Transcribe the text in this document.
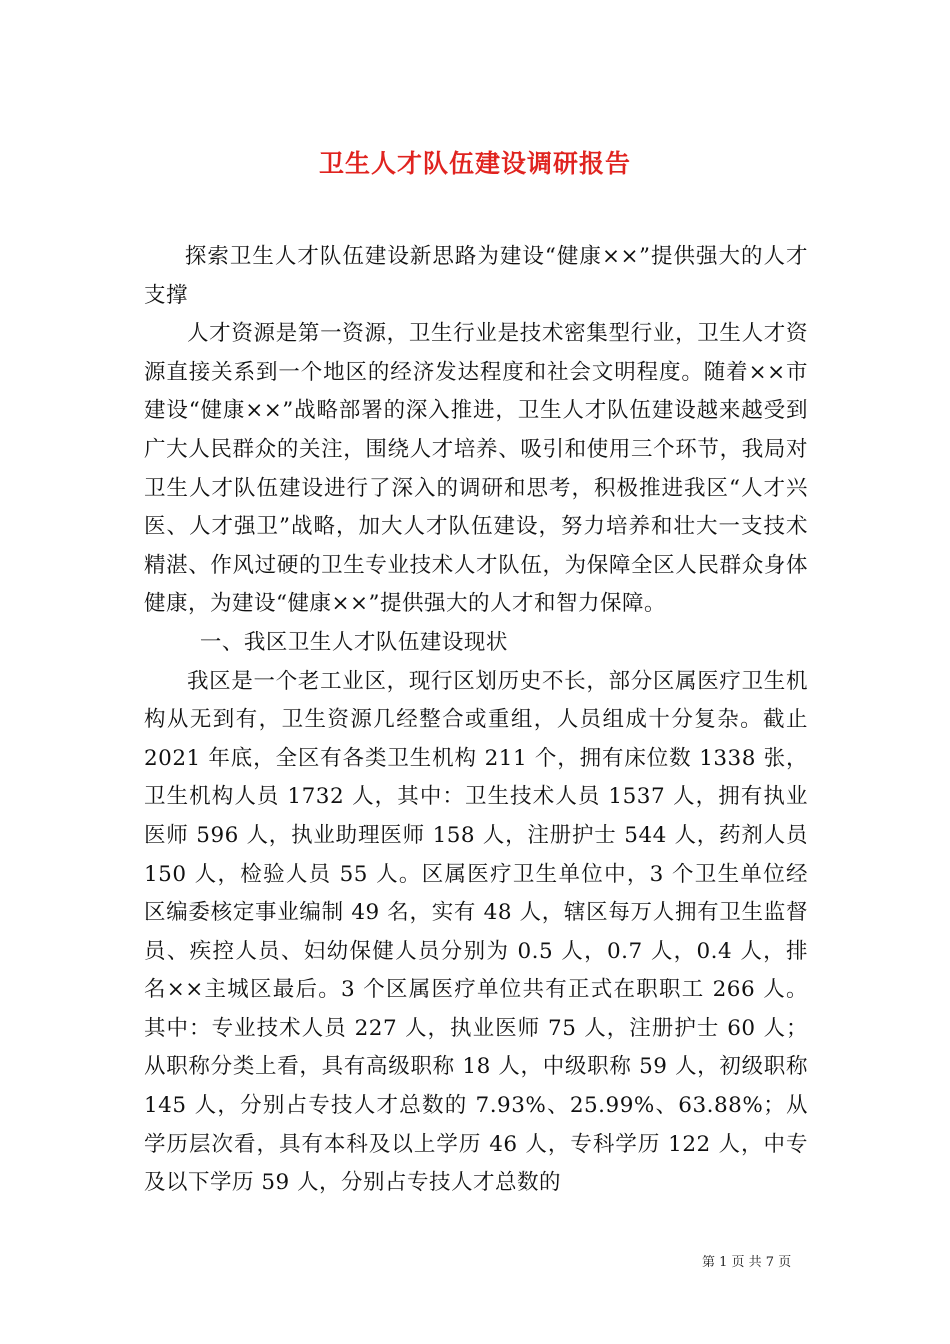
卫生人才队伍建设调研报告

探索卫生人才队伍建设新思路为建设“健康××”提供强大的人才支撑

人才资源是第一资源，卫生行业是技术密集型行业，卫生人才资源直接关系到一个地区的经济发达程度和社会文明程度。随着××市建设“健康××”战略部署的深入推进，卫生人才队伍建设越来越受到广大人民群众的关注，围绕人才培养、吸引和使用三个环节，我局对卫生人才队伍建设进行了深入的调研和思考，积极推进我区“人才兴医、人才强卫”战略，加大人才队伍建设，努力培养和壮大一支技术精湛、作风过硬的卫生专业技术人才队伍，为保障全区人民群众身体健康，为建设“健康××”提供强大的人才和智力保障。

一、我区卫生人才队伍建设现状

我区是一个老工业区，现行区划历史不长，部分区属医疗卫生机构从无到有，卫生资源几经整合或重组，人员组成十分复杂。截止 2021 年底，全区有各类卫生机构 211 个，拥有床位数 1338 张，卫生机构人员 1732 人，其中：卫生技术人员 1537 人，拥有执业医师 596 人，执业助理医师 158 人，注册护士 544 人，药剂人员 150 人，检验人员 55 人。区属医疗卫生单位中，3 个卫生单位经区编委核定事业编制 49 名，实有 48 人，辖区每万人拥有卫生监督员、疾控人员、妇幼保健人员分别为 0.5 人，0.7 人，0.4 人，排名××主城区最后。3 个区属医疗单位共有正式在职职工 266 人。其中：专业技术人员 227 人，执业医师 75 人，注册护士 60 人；从职称分类上看，具有高级职称 18 人，中级职称 59 人，初级职称 145 人，分别占专技人才总数的 7.93%、25.99%、63.88%；从学历层次看，具有本科及以上学历 46 人，专科学历 122 人，中专及以下学历 59 人，分别占专技人才总数的

第 1 页 共 7 页
